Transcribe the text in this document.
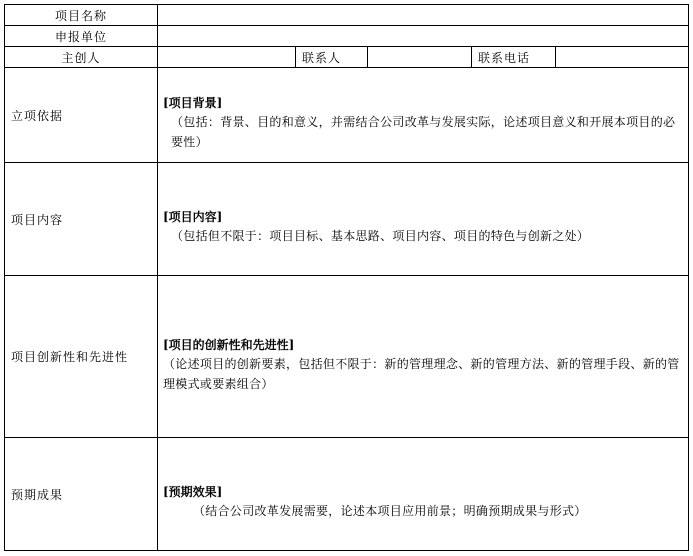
项目名称					
申报单位					
主创人		联系人		联系电话	
立项依据	[项目背景]
（包括：背景、目的和意义，并需结合公司改革与发展实际，论述项目意义和开展本项目的必要性）				

项目内容	[项目内容]
（包括但不限于：项目目标、基本思路、项目内容、项目的特色与创新之处）				

项目创新性和先进性	[项目的创新性和先进性]
（论述项目的创新要素，包括但不限于：新的管理理念、新的管理方法、新的管理手段、新的管理模式或要素组合）				

预期成果	[预期效果]
（结合公司改革发展需要，论述本项目应用前景；明确预期成果与形式）				
